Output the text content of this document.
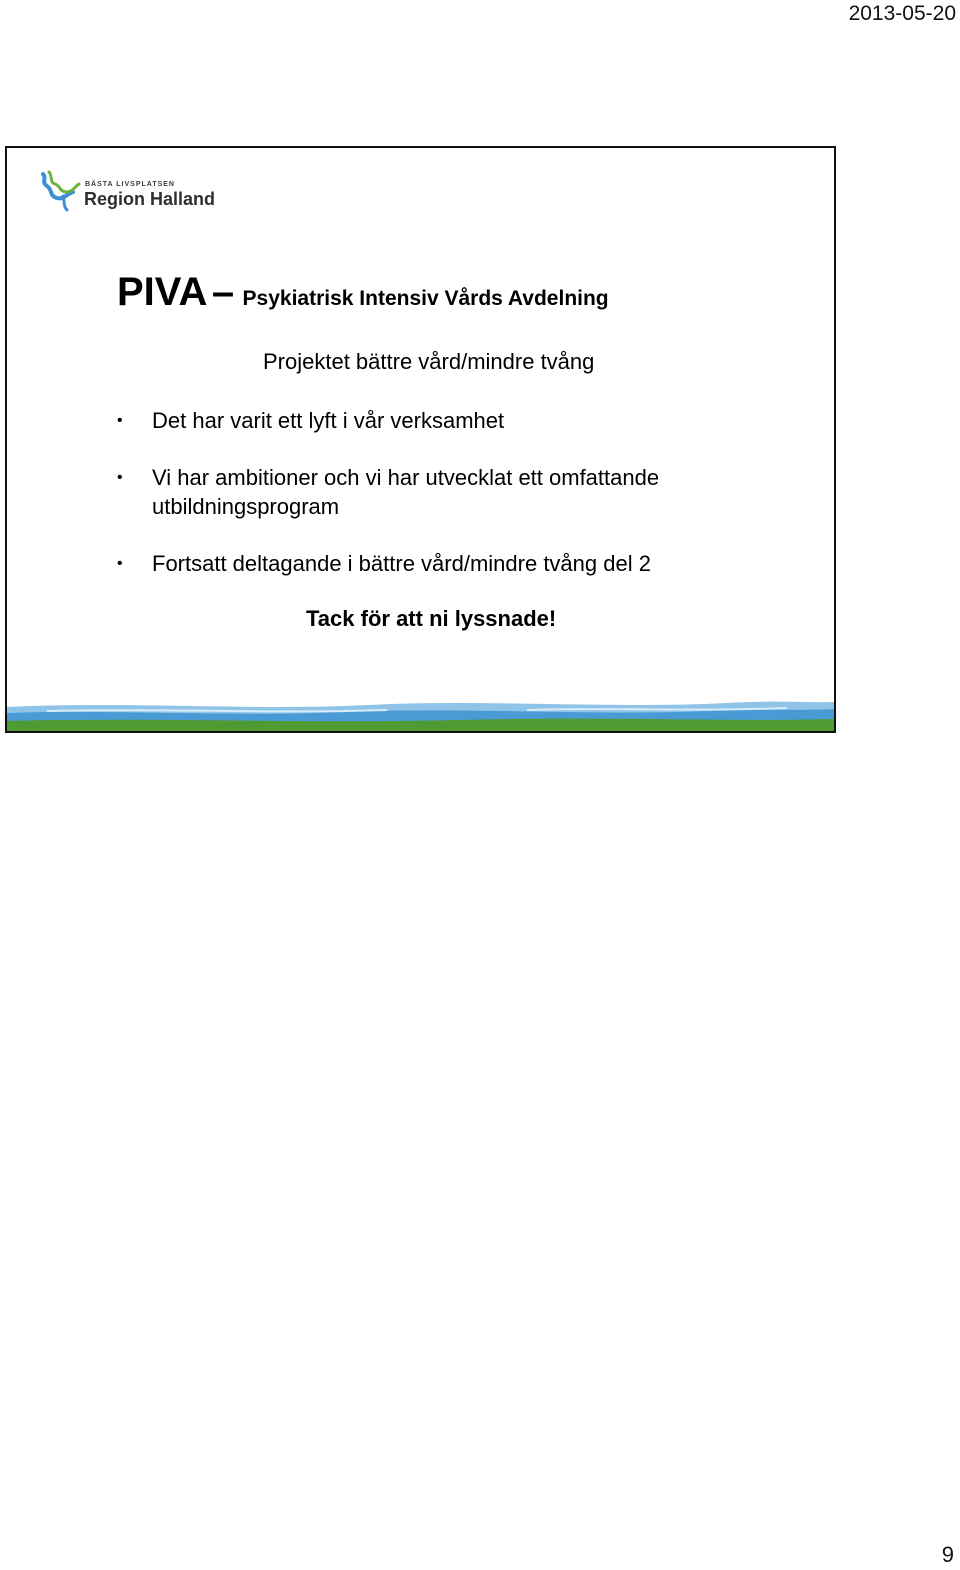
2013-05-20
BÄSTA LIVSPLATSEN
Region Halland
PIVA – Psykiatrisk Intensiv Vårds Avdelning
Projektet bättre vård/mindre tvång
• Det har varit ett lyft i vår verksamhet
• Vi har ambitioner och vi har utvecklat ett omfattande utbildningsprogram
• Fortsatt deltagande i bättre vård/mindre tvång del 2
Tack för att ni lyssnade!
9
